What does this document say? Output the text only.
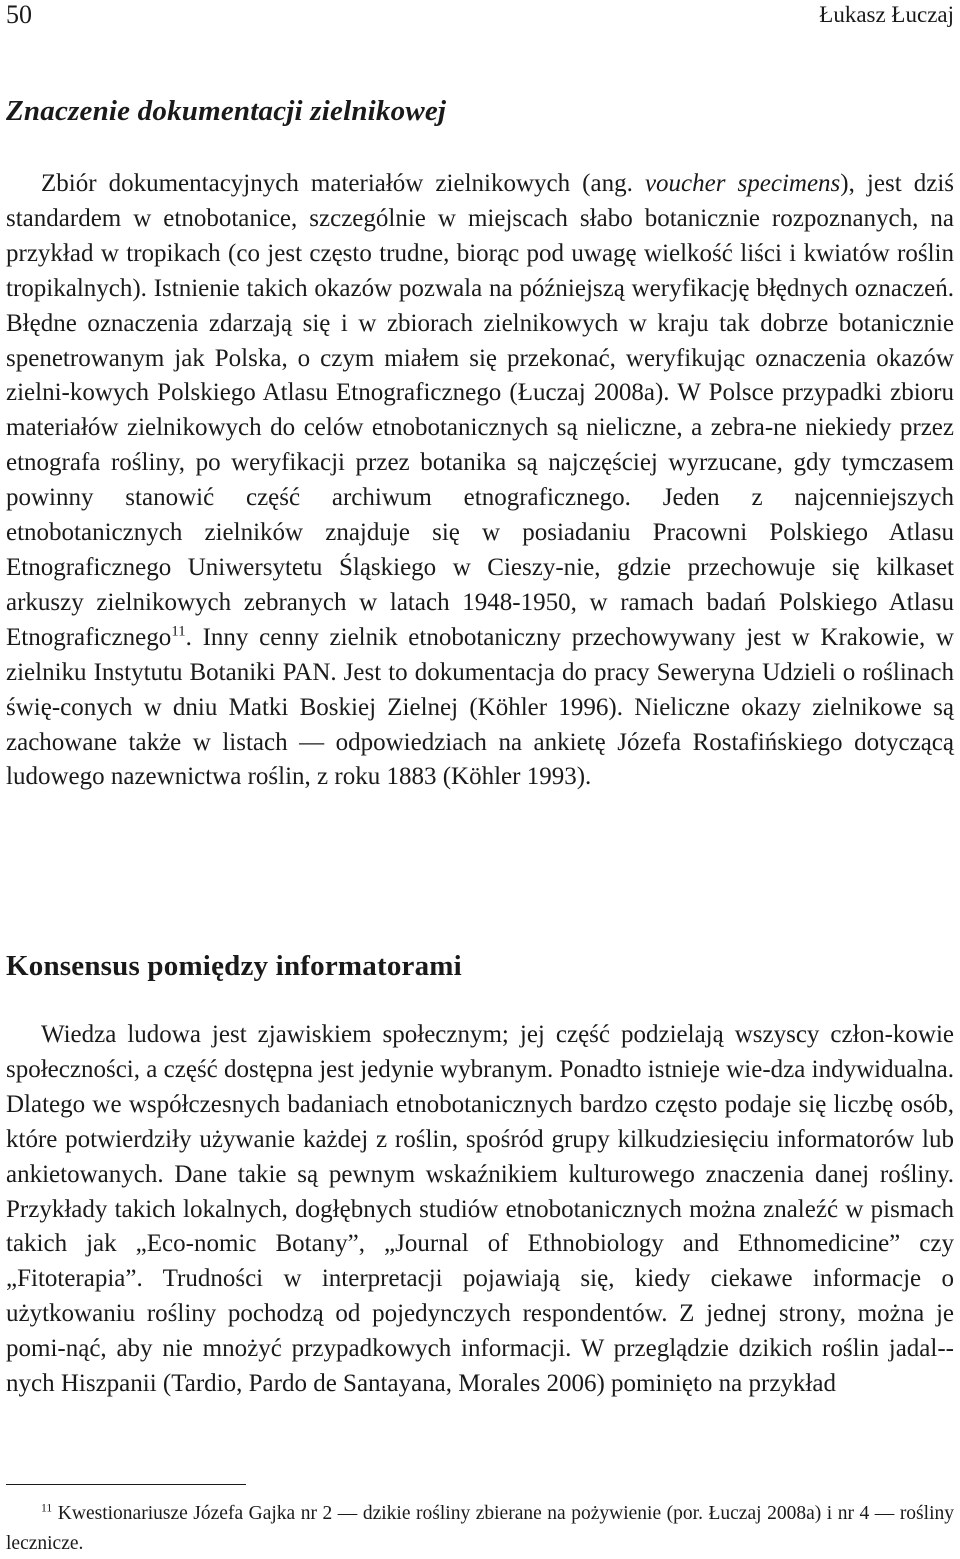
50	Łukasz Łuczaj
Znaczenie dokumentacji zielnikowej

Zbiór dokumentacyjnych materiałów zielnikowych (ang. voucher specimens), jest dziś standardem w etnobotanice, szczególnie w miejscach słabo botanicznie rozpoznanych, na przykład w tropikach (co jest często trudne, biorąc pod uwagę wielkość liści i kwiatów roślin tropikalnych). Istnienie takich okazów pozwala na późniejszą weryfikację błędnych oznaczeń. Błędne oznaczenia zdarzają się i w zbiorach zielnikowych w kraju tak dobrze botanicznie spenetrowanym jak Polska, o czym miałem się przekonać, weryfikując oznaczenia okazów zielni-kowych Polskiego Atlasu Etnograficznego (Łuczaj 2008a). W Polsce przypadki zbioru materiałów zielnikowych do celów etnobotanicznych są nieliczne, a zebra-ne niekiedy przez etnografa rośliny, po weryfikacji przez botanika są najczęściej wyrzucane, gdy tymczasem powinny stanowić część archiwum etnograficznego. Jeden z najcenniejszych etnobotanicznych zielników znajduje się w posiadaniu Pracowni Polskiego Atlasu Etnograficznego Uniwersytetu Śląskiego w Cieszy-nie, gdzie przechowuje się kilkaset arkuszy zielnikowych zebranych w latach 1948-1950, w ramach badań Polskiego Atlasu Etnograficznego$^{11}$. Inny cenny zielnik etnobotaniczny przechowywany jest w Krakowie, w zielniku Instytutu Botaniki PAN. Jest to dokumentacja do pracy Seweryna Udzieli o roślinach świę-conych w dniu Matki Boskiej Zielnej (Köhler 1996). Nieliczne okazy zielnikowe są zachowane także w listach — odpowiedziach na ankietę Józefa Rostafińskiego dotyczącą ludowego nazewnictwa roślin, z roku 1883 (Köhler 1993).

Konsensus pomiędzy informatorami

Wiedza ludowa jest zjawiskiem społecznym; jej część podzielają wszyscy człon-kowie społeczności, a część dostępna jest jedynie wybranym. Ponadto istnieje wie-dza indywidualna. Dlatego we współczesnych badaniach etnobotanicznych bardzo często podaje się liczbę osób, które potwierdziły używanie każdej z roślin, spośród grupy kilkudziesięciu informatorów lub ankietowanych. Dane takie są pewnym wskaźnikiem kulturowego znaczenia danej rośliny. Przykłady takich lokalnych, dogłębnych studiów etnobotanicznych można znaleźć w pismach takich jak „Eco-nomic Botany”, „Journal of Ethnobiology and Ethnomedicine” czy „Fitoterapia”. Trudności w interpretacji pojawiają się, kiedy ciekawe informacje o użytkowaniu rośliny pochodzą od pojedynczych respondentów. Z jednej strony, można je pomi-nąć, aby nie mnożyć przypadkowych informacji. W przeglądzie dzikich roślin jadal-nych Hiszpanii (Tardio, Pardo de Santayana, Morales 2006) pominięto na przykład

$^{11}$ Kwestionariusze Józefa Gajka nr 2 — dzikie rośliny zbierane na pożywienie (por. Łuczaj 2008a) i nr 4 — rośliny lecznicze.
